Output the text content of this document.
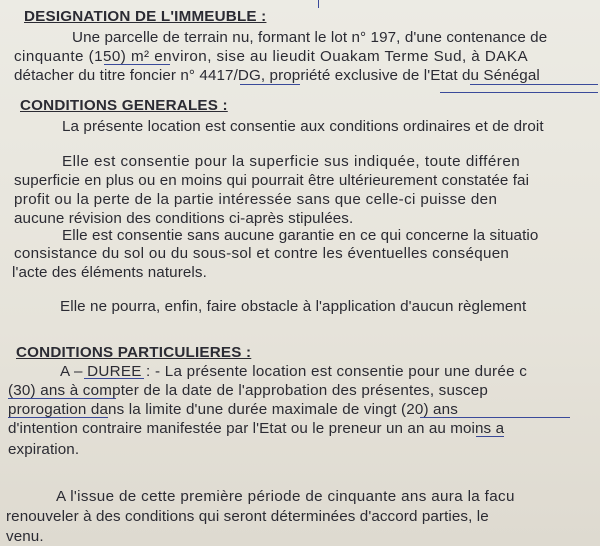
DESIGNATION DE L'IMMEUBLE :
Une parcelle de terrain nu, formant le lot n° 197, d'une contenance de
cinquante (150) m² environ, sise au lieudit Ouakam Terme Sud, à DAKA
détacher du titre foncier n° 4417/DG, propriété exclusive de l'Etat du Sénégal
CONDITIONS GENERALES :
La présente location est consentie aux conditions ordinaires et de droit
Elle est consentie pour la superficie sus indiquée, toute différen
superficie en plus ou en moins qui pourrait être ultérieurement constatée fai
profit ou la perte de la partie intéressée sans que celle-ci puisse den
aucune révision des conditions ci-après stipulées.
Elle est consentie sans aucune garantie en ce qui concerne la situatio
consistance du sol ou du sous-sol et contre les éventuelles conséquen
l'acte des éléments naturels.
Elle ne pourra, enfin, faire obstacle à l'application d'aucun règlement
CONDITIONS PARTICULIERES :
A – DUREE : - La présente location est consentie pour une durée c
(30) ans à compter de la date de l'approbation des présentes, suscep
prorogation dans la limite d'une durée maximale de vingt (20) ans
d'intention contraire manifestée par l'Etat ou le preneur un an au moins a
expiration.
A l'issue de cette première période de cinquante ans aura la facu
renouveler à des conditions qui seront déterminées d'accord parties, le
venu.
